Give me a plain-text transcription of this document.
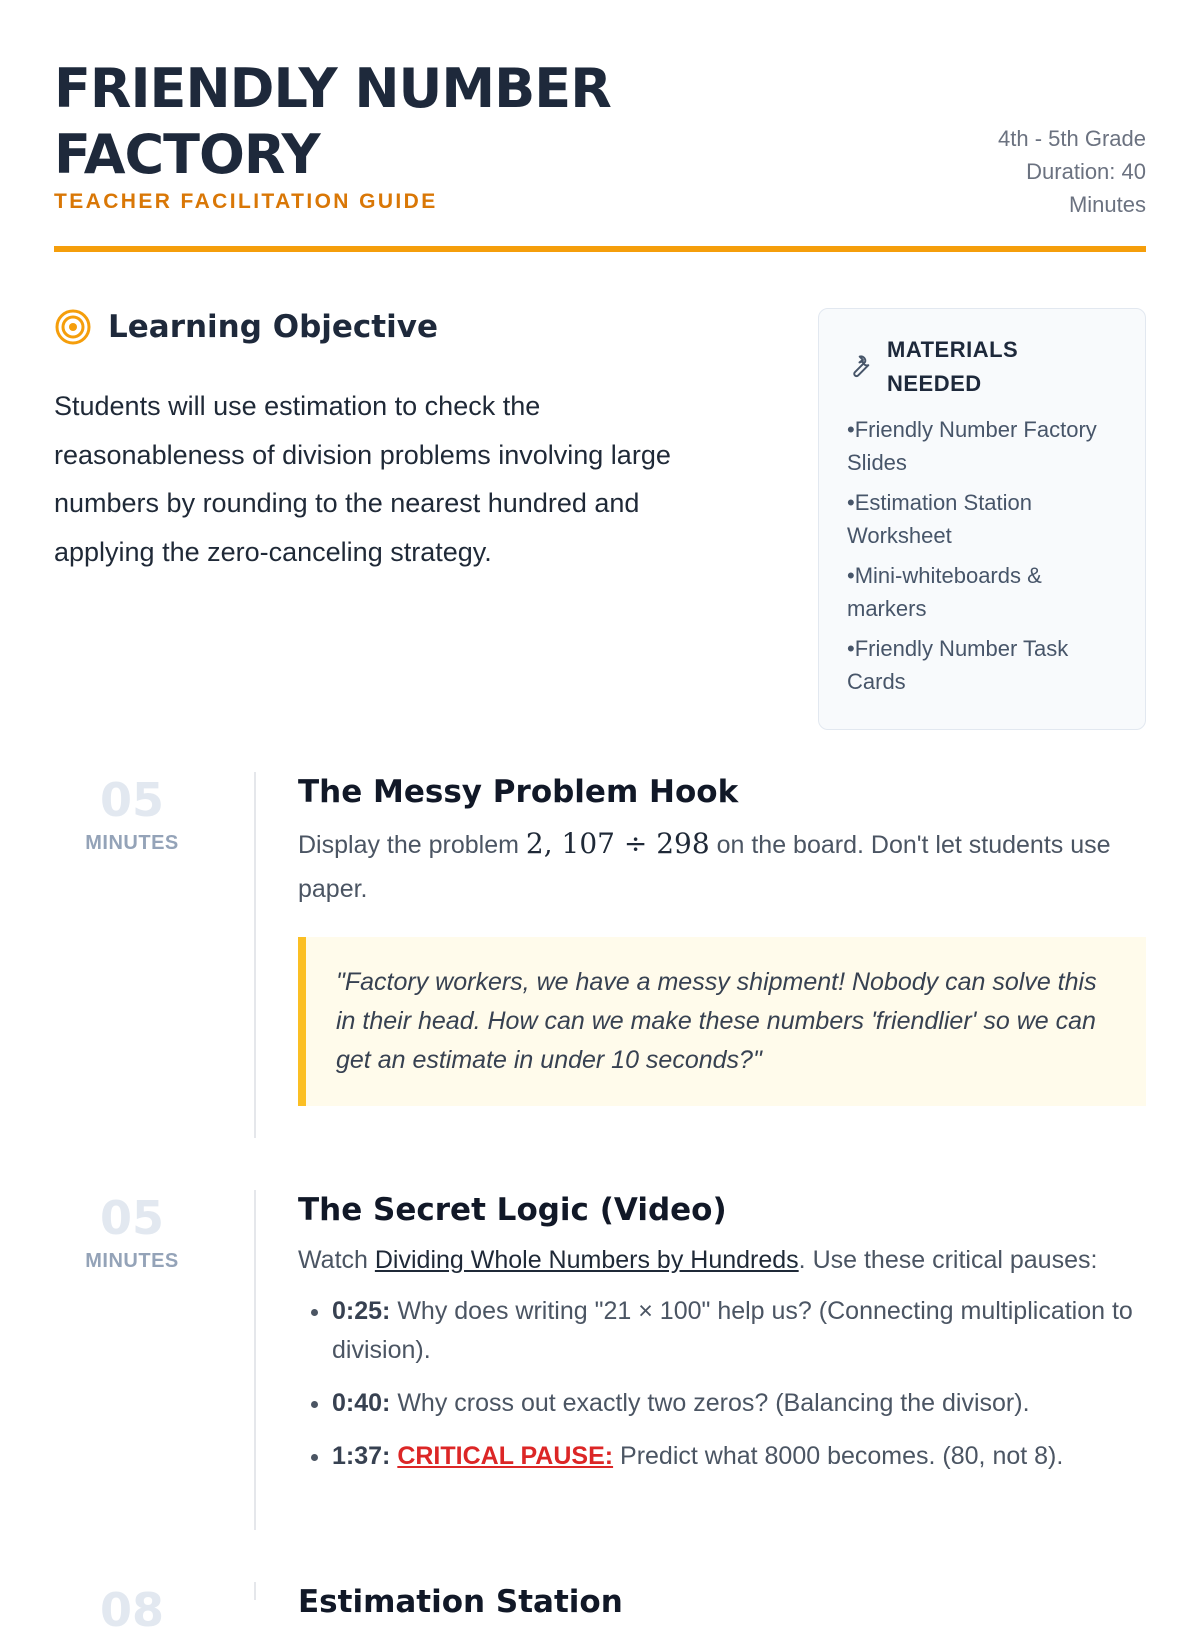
FRIENDLY NUMBER
FACTORY
TEACHER FACILITATION GUIDE
4th - 5th Grade
Duration: 40
Minutes
Learning Objective
Students will use estimation to check the reasonableness of division problems involving large numbers by rounding to the nearest hundred and applying the zero-canceling strategy.
MATERIALS NEEDED
• Friendly Number Factory Slides
• Estimation Station Worksheet
• Mini-whiteboards & markers
• Friendly Number Task Cards
05
MINUTES
The Messy Problem Hook
Display the problem 2, 107 ÷ 298 on the board. Don't let students use paper.
"Factory workers, we have a messy shipment! Nobody can solve this in their head. How can we make these numbers 'friendlier' so we can get an estimate in under 10 seconds?"
05
MINUTES
The Secret Logic (Video)
Watch Dividing Whole Numbers by Hundreds. Use these critical pauses:
• 0:25: Why does writing "21 × 100" help us? (Connecting multiplication to division).
• 0:40: Why cross out exactly two zeros? (Balancing the divisor).
• 1:37: CRITICAL PAUSE: Predict what 8000 becomes. (80, not 8).
08	Estimation Station
